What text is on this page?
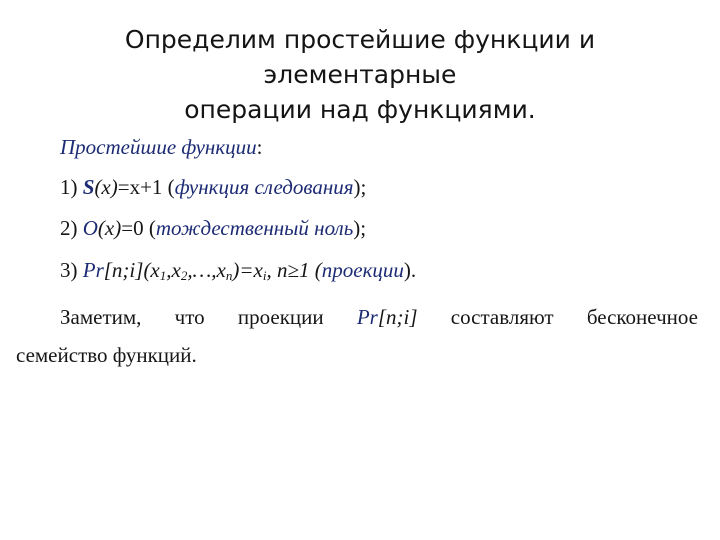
Определим простейшие функции и элементарные
операции над функциями.
Простейшие функции:
1) S(x)=x+1 (функция следования);
2) O(x)=0 (тождественный ноль);
3) $Pr[n;i](x_1,x_2,\dots,x_n)=x_i$, n≥1 (проекции).
Заметим, что проекции Pr[n;i] составляют бесконечное
семейство функций.
